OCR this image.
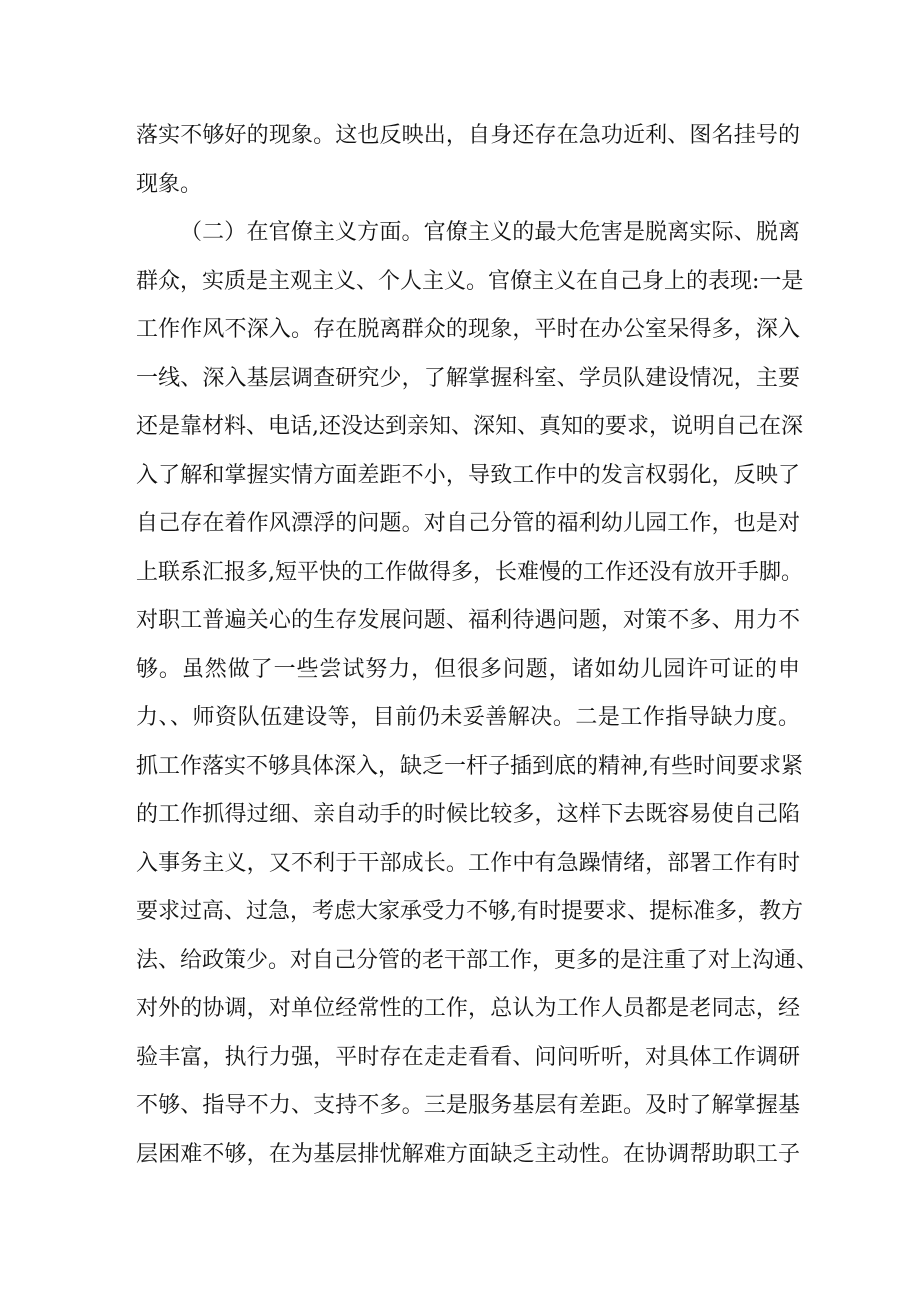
落实不够好的现象。这也反映出，自身还存在急功近利、图名挂号的
现象。
（二）在官僚主义方面。官僚主义的最大危害是脱离实际、脱离
群众，实质是主观主义、个人主义。官僚主义在自己身上的表现:一是
工作作风不深入。存在脱离群众的现象，平时在办公室呆得多，深入
一线、深入基层调查研究少，了解掌握科室、学员队建设情况，主要
还是靠材料、电话,还没达到亲知、深知、真知的要求，说明自己在深
入了解和掌握实情方面差距不小，导致工作中的发言权弱化，反映了
自己存在着作风漂浮的问题。对自己分管的福利幼儿园工作，也是对
上联系汇报多,短平快的工作做得多，长难慢的工作还没有放开手脚。
对职工普遍关心的生存发展问题、福利待遇问题，对策不多、用力不
够。虽然做了一些尝试努力，但很多问题，诸如幼儿园许可证的申
力、、师资队伍建设等，目前仍未妥善解决。二是工作指导缺力度。
抓工作落实不够具体深入，缺乏一杆子插到底的精神,有些时间要求紧
的工作抓得过细、亲自动手的时候比较多，这样下去既容易使自己陷
入事务主义，又不利于干部成长。工作中有急躁情绪，部署工作有时
要求过高、过急，考虑大家承受力不够,有时提要求、提标准多，教方
法、给政策少。对自己分管的老干部工作，更多的是注重了对上沟通、
对外的协调，对单位经常性的工作，总认为工作人员都是老同志，经
验丰富，执行力强，平时存在走走看看、问问听听，对具体工作调研
不够、指导不力、支持不多。三是服务基层有差距。及时了解掌握基
层困难不够，在为基层排忧解难方面缺乏主动性。在协调帮助职工子
